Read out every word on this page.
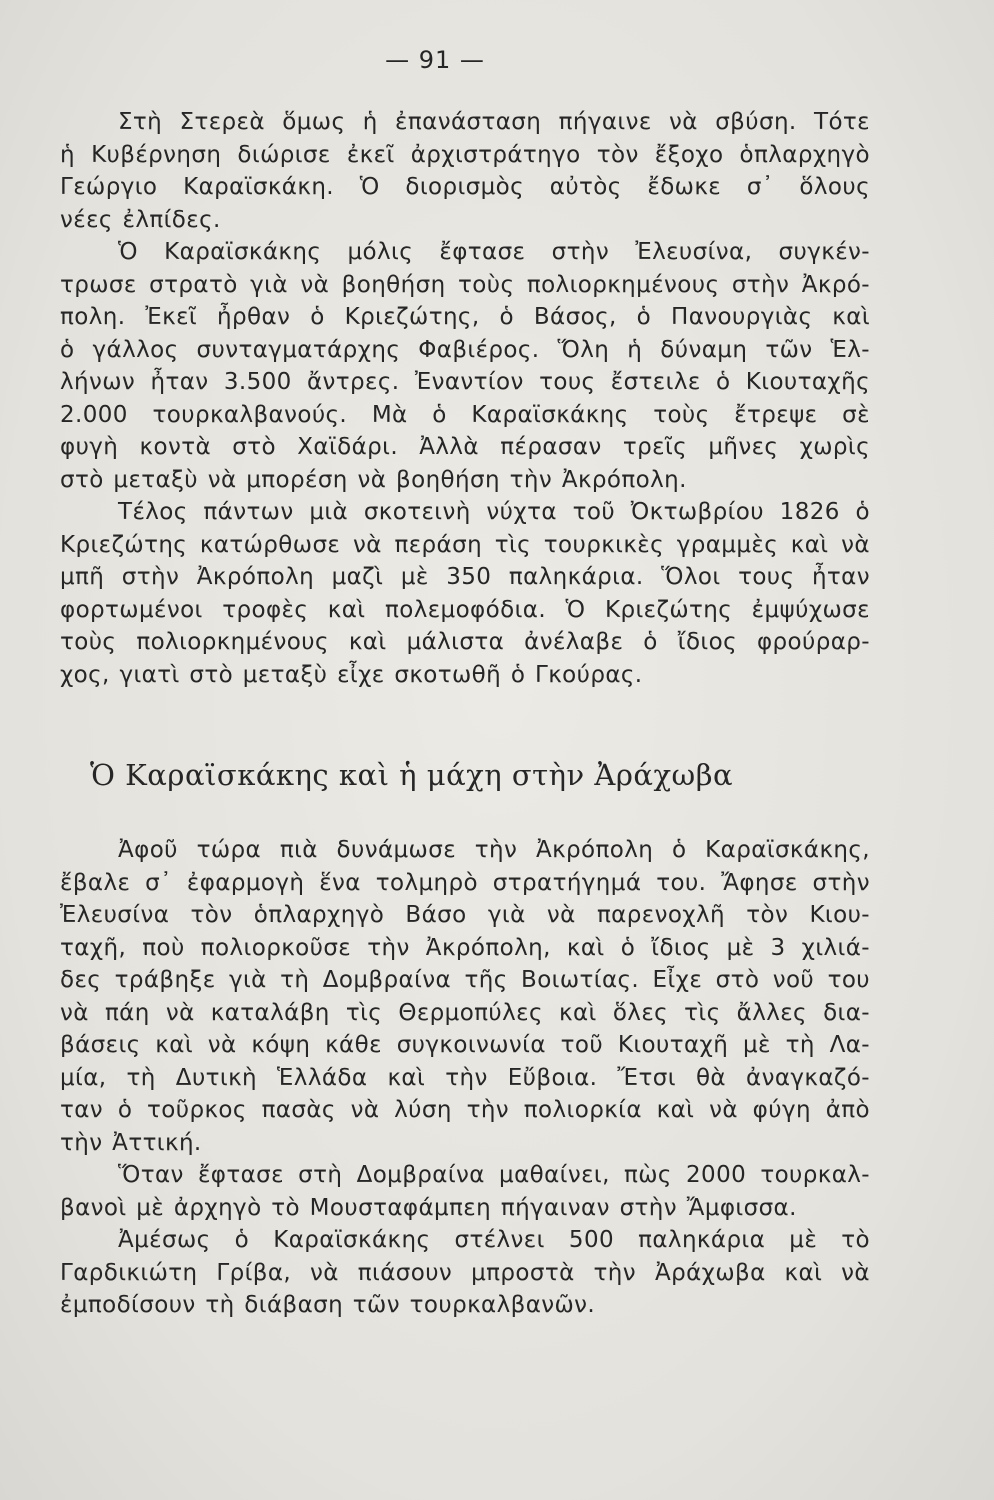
— 91 —
Στὴ Στερεὰ ὅμως ἡ ἐπανάσταση πήγαινε νὰ σβύση. Τότε
ἡ Κυβέρνηση διώρισε ἐκεῖ ἀρχιστράτηγο τὸν ἔξοχο ὁπλαρχηγὸ
Γεώργιο Καραϊσκάκη. Ὁ διορισμὸς αὐτὸς ἔδωκε σ᾽ ὅλους
νέες ἐλπίδες.
Ὁ Καραϊσκάκης μόλις ἔφτασε στὴν Ἐλευσίνα, συγκέν-
τρωσε στρατὸ γιὰ νὰ βοηθήση τοὺς πολιορκημένους στὴν Ἀκρό-
πολη. Ἐκεῖ ἦρθαν ὁ Κριεζώτης, ὁ Βάσος, ὁ Πανουργιὰς καὶ
ὁ γάλλος συνταγματάρχης Φαβιέρος. Ὅλη ἡ δύναμη τῶν Ἑλ-
λήνων ἦταν 3.500 ἄντρες. Ἐναντίον τους ἔστειλε ὁ Κιουταχῆς
2.000 τουρκαλβανούς. Μὰ ὁ Καραϊσκάκης τοὺς ἔτρεψε σὲ
φυγὴ κοντὰ στὸ Χαϊδάρι. Ἀλλὰ πέρασαν τρεῖς μῆνες χωρὶς
στὸ μεταξὺ νὰ μπορέση νὰ βοηθήση τὴν Ἀκρόπολη.
Τέλος πάντων μιὰ σκοτεινὴ νύχτα τοῦ Ὀκτωβρίου 1826 ὁ
Κριεζώτης κατώρθωσε νὰ περάση τὶς τουρκικὲς γραμμὲς καὶ νὰ
μπῆ στὴν Ἀκρόπολη μαζὶ μὲ 350 παληκάρια. Ὅλοι τους ἦταν
φορτωμένοι τροφὲς καὶ πολεμοφόδια. Ὁ Κριεζώτης ἐμψύχωσε
τοὺς πολιορκημένους καὶ μάλιστα ἀνέλαβε ὁ ἴδιος φρούραρ-
χος, γιατὶ στὸ μεταξὺ εἶχε σκοτωθῆ ὁ Γκούρας.
Ὁ Καραϊσκάκης καὶ ἡ μάχη στὴν Ἀράχωβα
Ἀφοῦ τώρα πιὰ δυνάμωσε τὴν Ἀκρόπολη ὁ Καραϊσκάκης,
ἔβαλε σ᾽ ἐφαρμογὴ ἕνα τολμηρὸ στρατήγημά του. Ἄφησε στὴν
Ἐλευσίνα τὸν ὁπλαρχηγὸ Βάσο γιὰ νὰ παρενοχλῆ τὸν Κιου-
ταχῆ, ποὺ πολιορκοῦσε τὴν Ἀκρόπολη, καὶ ὁ ἴδιος μὲ 3 χιλιά-
δες τράβηξε γιὰ τὴ Δομβραίνα τῆς Βοιωτίας. Εἶχε στὸ νοῦ του
νὰ πάη νὰ καταλάβη τὶς Θερμοπύλες καὶ ὅλες τὶς ἄλλες δια-
βάσεις καὶ νὰ κόψη κάθε συγκοινωνία τοῦ Κιουταχῆ μὲ τὴ Λα-
μία, τὴ Δυτικὴ Ἑλλάδα καὶ τὴν Εὔβοια. Ἔτσι θὰ ἀναγκαζό-
ταν ὁ τοῦρκος πασὰς νὰ λύση τὴν πολιορκία καὶ νὰ φύγη ἀπὸ
τὴν Ἀττική.
Ὅταν ἔφτασε στὴ Δομβραίνα μαθαίνει, πὼς 2000 τουρκαλ-
βανοὶ μὲ ἀρχηγὸ τὸ Μουσταφάμπεη πήγαιναν στὴν Ἄμφισσα.
Ἀμέσως ὁ Καραϊσκάκης στέλνει 500 παληκάρια μὲ τὸ
Γαρδικιώτη Γρίβα, νὰ πιάσουν μπροστὰ τὴν Ἀράχωβα καὶ νὰ
ἐμποδίσουν τὴ διάβαση τῶν τουρκαλβανῶν.
